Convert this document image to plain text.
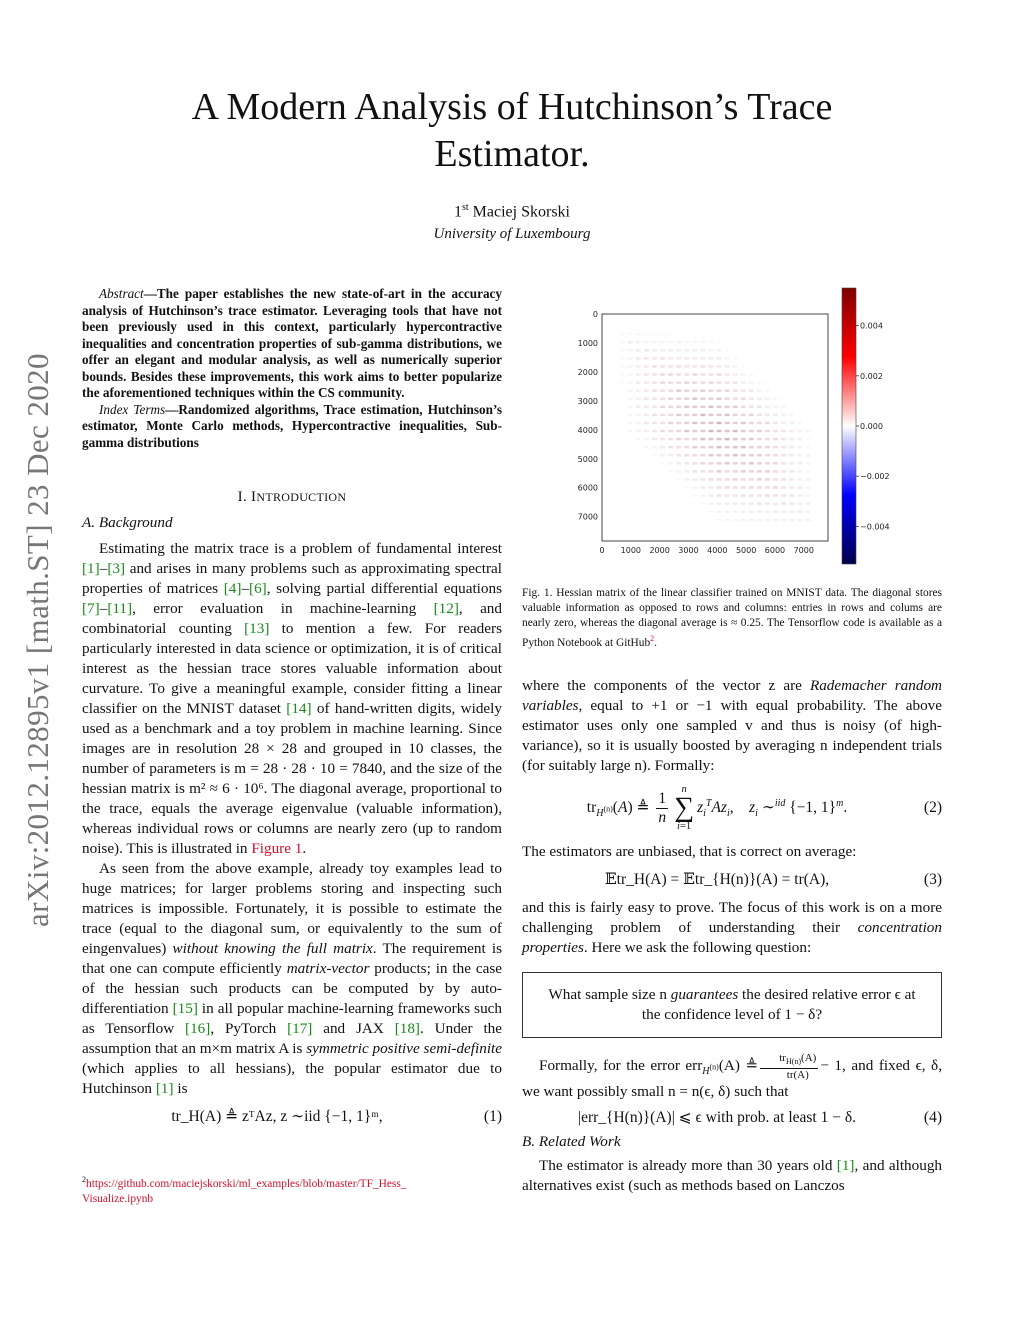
A Modern Analysis of Hutchinson’s Trace
Estimator.
1st Maciej Skorski
University of Luxembourg
arXiv:2012.12895v1 [math.ST] 23 Dec 2020

Abstract—The paper establishes the new state-of-art in the accuracy analysis of Hutchinson’s trace estimator. Leveraging tools that have not been previously used in this context, particularly hypercontractive inequalities and concentration properties of sub-gamma distributions, we offer an elegant and modular analysis, as well as numerically superior bounds. Besides these improvements, this work aims to better popularize the aforementioned techniques within the CS community.

Index Terms—Randomized algorithms, Trace estimation, Hutchinson’s estimator, Monte Carlo methods, Hypercontractive inequalities, Sub-gamma distributions

I. INTRODUCTION

A. Background

Estimating the matrix trace is a problem of fundamental interest [1]–[3] and arises in many problems such as approximating spectral properties of matrices [4]–[6], solving partial differential equations [7]–[11], error evaluation in machine-learning [12], and combinatorial counting [13] to mention a few. For readers particularly interested in data science or optimization, it is of critical interest as the hessian trace stores valuable information about curvature. To give a meaningful example, consider fitting a linear classifier on the MNIST dataset [14] of hand-written digits, widely used as a benchmark and a toy problem in machine learning. Since images are in resolution 28 × 28 and grouped in 10 classes, the number of parameters is m = 28 · 28 · 10 = 7840, and the size of the hessian matrix is m² ≈ 6 · 10⁶. The diagonal average, proportional to the trace, equals the average eigenvalue (valuable information), whereas individual rows or columns are nearly zero (up to random noise). This is illustrated in Figure 1.

As seen from the above example, already toy examples lead to huge matrices; for larger problems storing and inspecting such matrices is impossible. Fortunately, it is possible to estimate the trace (equal to the diagonal sum, or equivalently to the sum of eingenvalues) without knowing the full matrix. The requirement is that one can compute efficiently matrix-vector products; in the case of the hessian such products can be computed by by auto-differentiation [15] in all popular machine-learning frameworks such as Tensorflow [16], PyTorch [17] and JAX [18]. Under the assumption that an m×m matrix A is symmetric positive semi-definite (which applies to all hessians), the popular estimator due to Hutchinson [1] is

tr_H(A) ≜ zᵀAz, z ∼iid {−1, 1}ᵐ,	(1)
$^2$https://github.com/maciejskorski/ml_examples/blob/master/TF_Hess_
Visualize.ipynb
0 1000 2000 3000 4000 5000 6000 7000
0
1000
2000
3000
4000
5000
6000
7000
0.004
0.002
0.000
−0.002
−0.004
Fig. 1. Hessian matrix of the linear classifier trained on MNIST data. The diagonal stores valuable information as opposed to rows and columns: entries in rows and colums are nearly zero, whereas the diagonal average is ≈ 0.25. The Tensorflow code is available as a Python Notebook at GitHub$^2$.

where the components of the vector z are Rademacher random variables, equal to +1 or −1 with equal probability. The above estimator uses only one sampled v and thus is noisy (of high-variance), so it is usually boosted by averaging n independent trials (for suitably large n). Formally:

$tr_{H^{(n)}}(A)$ ≜ $\frac{1}{n}$ n
∑
i=1
$z_i^TAz_i$,    $z_i$ ∼$^{iid}$ {−1, 1}$^m$.	(2)

The estimators are unbiased, that is correct on average:

𝔼tr_H(A) = 𝔼tr_{H(n)}(A) = tr(A),	(3)

and this is fairly easy to prove. The focus of this work is on a more challenging problem of understanding their concentration properties. Here we ask the following question:

What sample size n guarantees the desired relative error ϵ at the confidence level of 1 − δ?

Formally, for the error err$_{H^{(n)}}$(A) ≜ $\frac{tr_{H(n)}(A)}{tr(A)} - 1$, and fixed ϵ, δ, we want possibly small n = n(ϵ, δ) such that

|err_{H(n)}(A)| ⩽ ϵ with prob. at least 1 − δ.	(4)

B. Related Work

The estimator is already more than 30 years old [1], and although alternatives exist (such as methods based on Lanczos
